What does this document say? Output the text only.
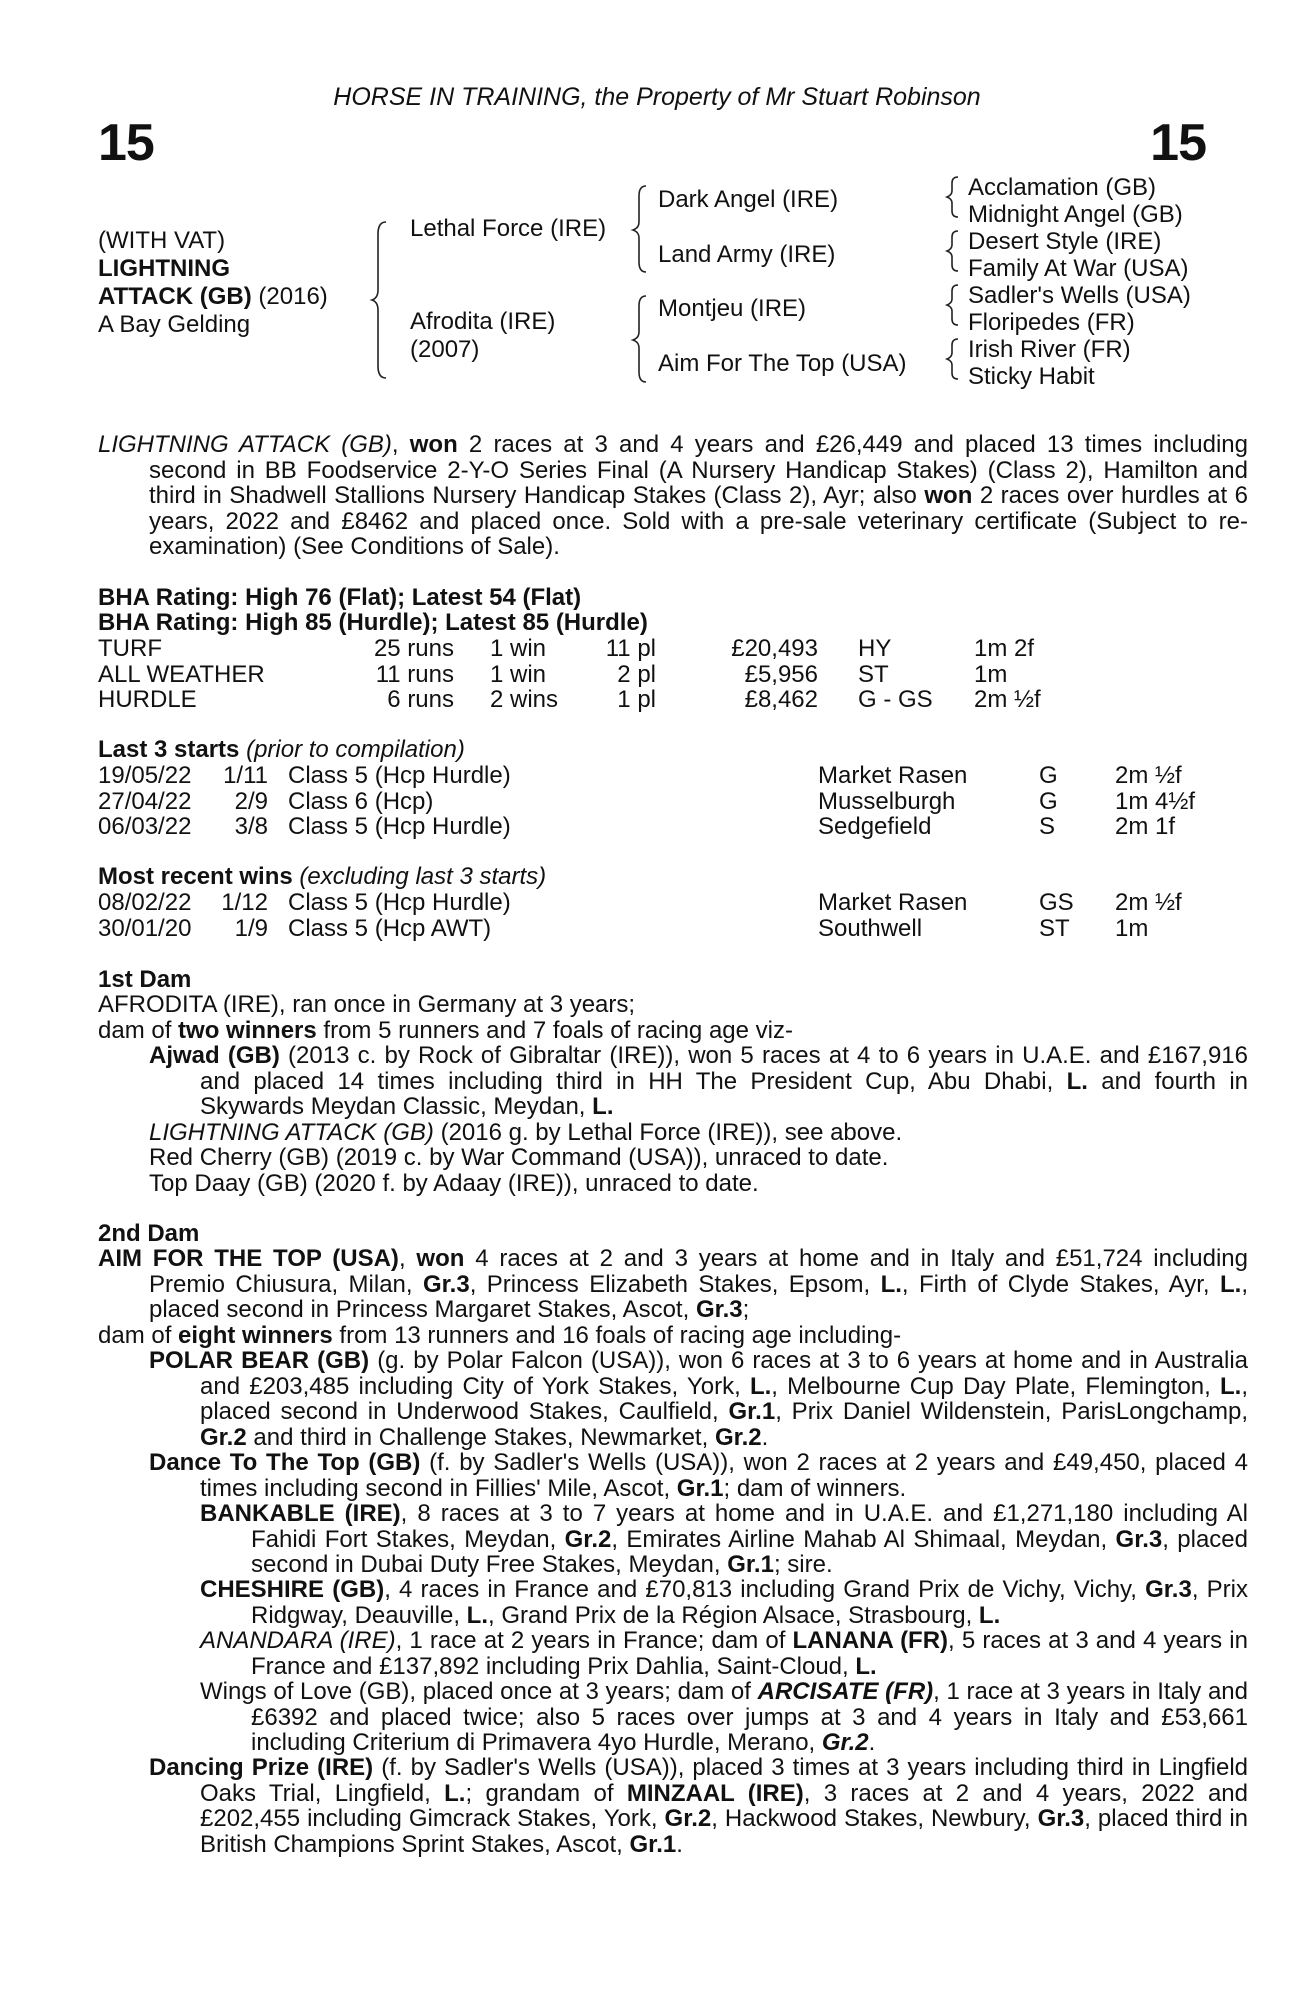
HORSE IN TRAINING, the Property of Mr Stuart Robinson
15	15
(WITH VAT)
LIGHTNING
ATTACK (GB) (2016)
A Bay Gelding
Lethal Force (IRE)
Afrodita (IRE)
(2007)
Dark Angel (IRE)
Land Army (IRE)
Montjeu (IRE)
Aim For The Top (USA)
Acclamation (GB)
Midnight Angel (GB)
Desert Style (IRE)
Family At War (USA)
Sadler's Wells (USA)
Floripedes (FR)
Irish River (FR)
Sticky Habit
LIGHTNING ATTACK (GB), won 2 races at 3 and 4 years and £26,449 and placed 13 times including second in BB Foodservice 2-Y-O Series Final (A Nursery Handicap Stakes) (Class 2), Hamilton and third in Shadwell Stallions Nursery Handicap Stakes (Class 2), Ayr; also won 2 races over hurdles at 6 years, 2022 and £8462 and placed once. Sold with a pre-sale veterinary certificate (Subject to re-examination) (See Conditions of Sale).
BHA Rating: High 76 (Flat); Latest 54 (Flat)
BHA Rating: High 85 (Hurdle); Latest 85 (Hurdle)
TURF
ALL WEATHER
HURDLE
25 runs
11 runs
6 runs
1 win
1 win
2 wins
11 pl
2 pl
1 pl
£20,493
£5,956
£8,462
HY
ST
G - GS
1m 2f
1m
2m ½f
Last 3 starts (prior to compilation)
19/05/22
27/04/22
06/03/22
1/11
2/9
3/8
Class 5 (Hcp Hurdle)
Class 6 (Hcp)
Class 5 (Hcp Hurdle)
Market Rasen
Musselburgh
Sedgefield
G
G
S
2m ½f
1m 4½f
2m 1f
Most recent wins (excluding last 3 starts)
08/02/22
30/01/20
1/12
1/9
Class 5 (Hcp Hurdle)
Class 5 (Hcp AWT)
Market Rasen
Southwell
GS
ST
2m ½f
1m
1st Dam
AFRODITA (IRE), ran once in Germany at 3 years;
dam of two winners from 5 runners and 7 foals of racing age viz-
Ajwad (GB) (2013 c. by Rock of Gibraltar (IRE)), won 5 races at 4 to 6 years in U.A.E. and £167,916 and placed 14 times including third in HH The President Cup, Abu Dhabi, L. and fourth in Skywards Meydan Classic, Meydan, L.
LIGHTNING ATTACK (GB) (2016 g. by Lethal Force (IRE)), see above.
Red Cherry (GB) (2019 c. by War Command (USA)), unraced to date.
Top Daay (GB) (2020 f. by Adaay (IRE)), unraced to date.
2nd Dam
AIM FOR THE TOP (USA), won 4 races at 2 and 3 years at home and in Italy and £51,724 including Premio Chiusura, Milan, Gr.3, Princess Elizabeth Stakes, Epsom, L., Firth of Clyde Stakes, Ayr, L., placed second in Princess Margaret Stakes, Ascot, Gr.3;
dam of eight winners from 13 runners and 16 foals of racing age including-
POLAR BEAR (GB) (g. by Polar Falcon (USA)), won 6 races at 3 to 6 years at home and in Australia and £203,485 including City of York Stakes, York, L., Melbourne Cup Day Plate, Flemington, L., placed second in Underwood Stakes, Caulfield, Gr.1, Prix Daniel Wildenstein, ParisLongchamp, Gr.2 and third in Challenge Stakes, Newmarket, Gr.2.
Dance To The Top (GB) (f. by Sadler's Wells (USA)), won 2 races at 2 years and £49,450, placed 4 times including second in Fillies' Mile, Ascot, Gr.1; dam of winners.
BANKABLE (IRE), 8 races at 3 to 7 years at home and in U.A.E. and £1,271,180 including Al Fahidi Fort Stakes, Meydan, Gr.2, Emirates Airline Mahab Al Shimaal, Meydan, Gr.3, placed second in Dubai Duty Free Stakes, Meydan, Gr.1; sire.
CHESHIRE (GB), 4 races in France and £70,813 including Grand Prix de Vichy, Vichy, Gr.3, Prix Ridgway, Deauville, L., Grand Prix de la Région Alsace, Strasbourg, L.
ANANDARA (IRE), 1 race at 2 years in France; dam of LANANA (FR), 5 races at 3 and 4 years in France and £137,892 including Prix Dahlia, Saint-Cloud, L.
Wings of Love (GB), placed once at 3 years; dam of ARCISATE (FR), 1 race at 3 years in Italy and £6392 and placed twice; also 5 races over jumps at 3 and 4 years in Italy and £53,661 including Criterium di Primavera 4yo Hurdle, Merano, Gr.2.
Dancing Prize (IRE) (f. by Sadler's Wells (USA)), placed 3 times at 3 years including third in Lingfield Oaks Trial, Lingfield, L.; grandam of MINZAAL (IRE), 3 races at 2 and 4 years, 2022 and £202,455 including Gimcrack Stakes, York, Gr.2, Hackwood Stakes, Newbury, Gr.3, placed third in British Champions Sprint Stakes, Ascot, Gr.1.
